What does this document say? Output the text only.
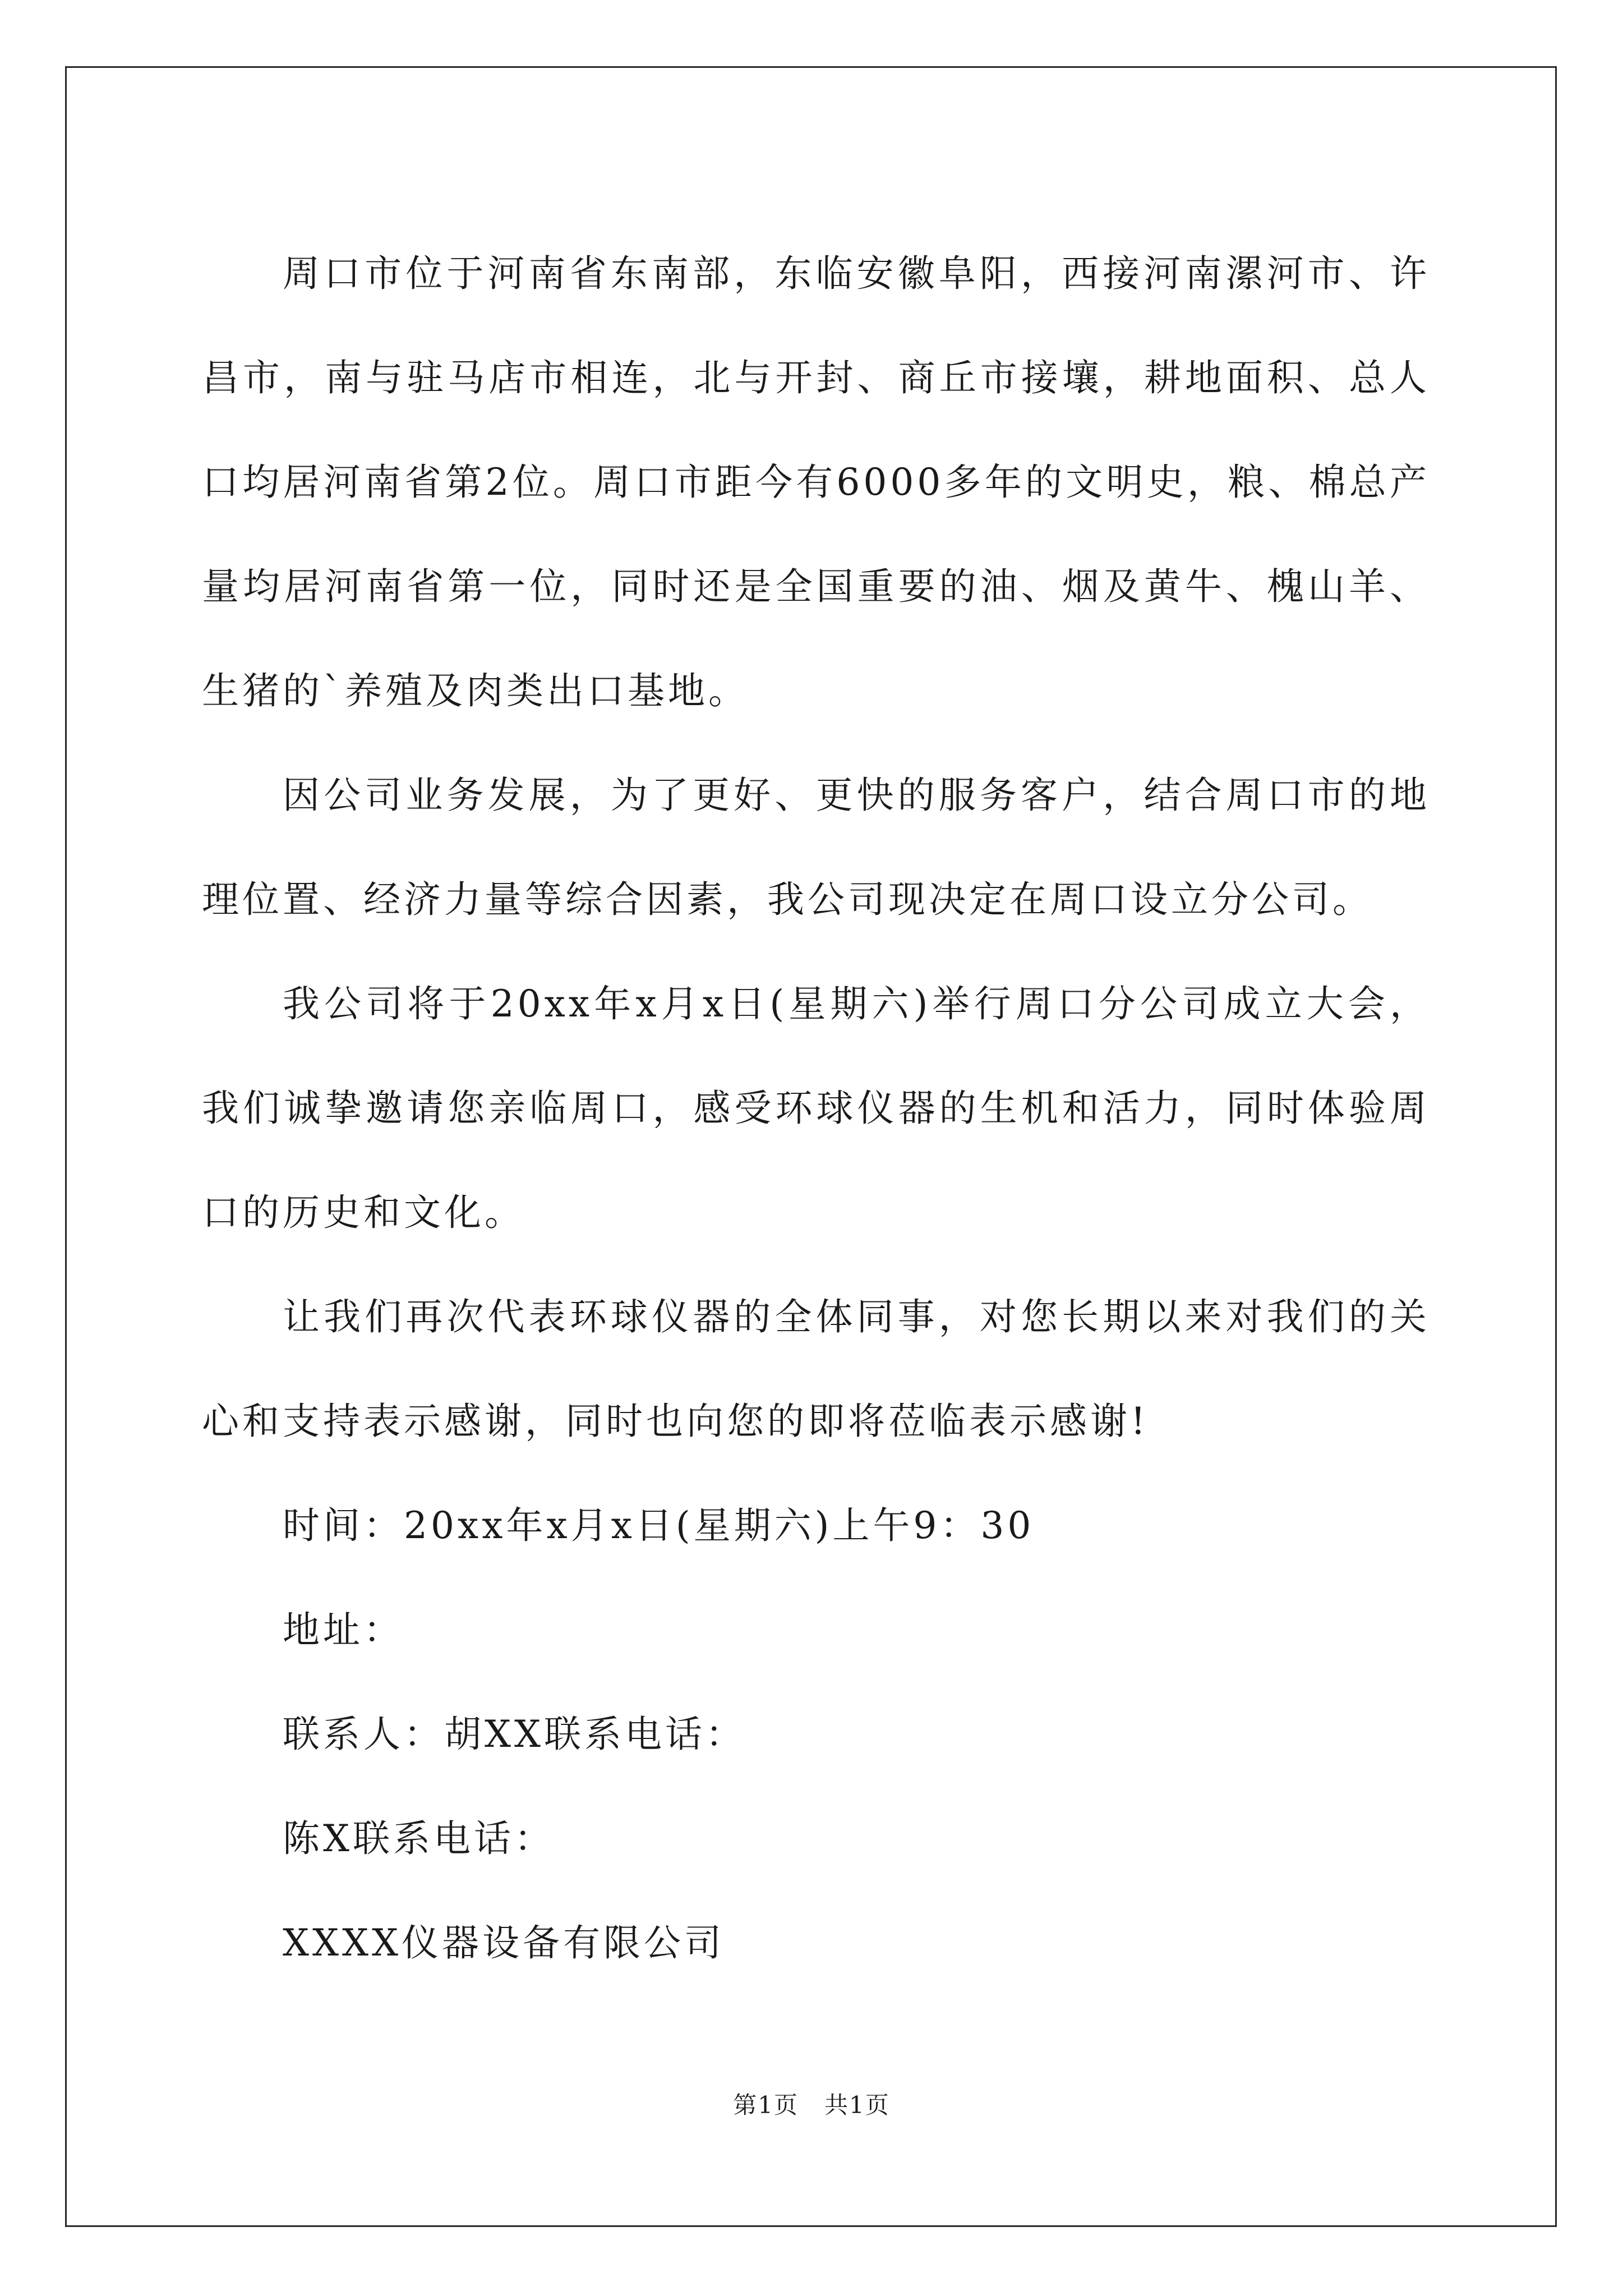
周口市位于河南省东南部，东临安徽阜阳，西接河南漯河市、许昌市，南与驻马店市相连，北与开封、商丘市接壤，耕地面积、总人口均居河南省第2位。周口市距今有6000多年的文明史，粮、棉总产量均居河南省第一位，同时还是全国重要的油、烟及黄牛、槐山羊、生猪的`养殖及肉类出口基地。

因公司业务发展，为了更好、更快的服务客户，结合周口市的地理位置、经济力量等综合因素，我公司现决定在周口设立分公司。

我公司将于20xx年x月x日(星期六)举行周口分公司成立大会，我们诚挚邀请您亲临周口，感受环球仪器的生机和活力，同时体验周口的历史和文化。

让我们再次代表环球仪器的全体同事，对您长期以来对我们的关心和支持表示感谢，同时也向您的即将莅临表示感谢!

时间：20xx年x月x日(星期六)上午9：30

地址：

联系人：胡XX联系电话：

陈X联系电话：

XXXX仪器设备有限公司

第1页   共1页
